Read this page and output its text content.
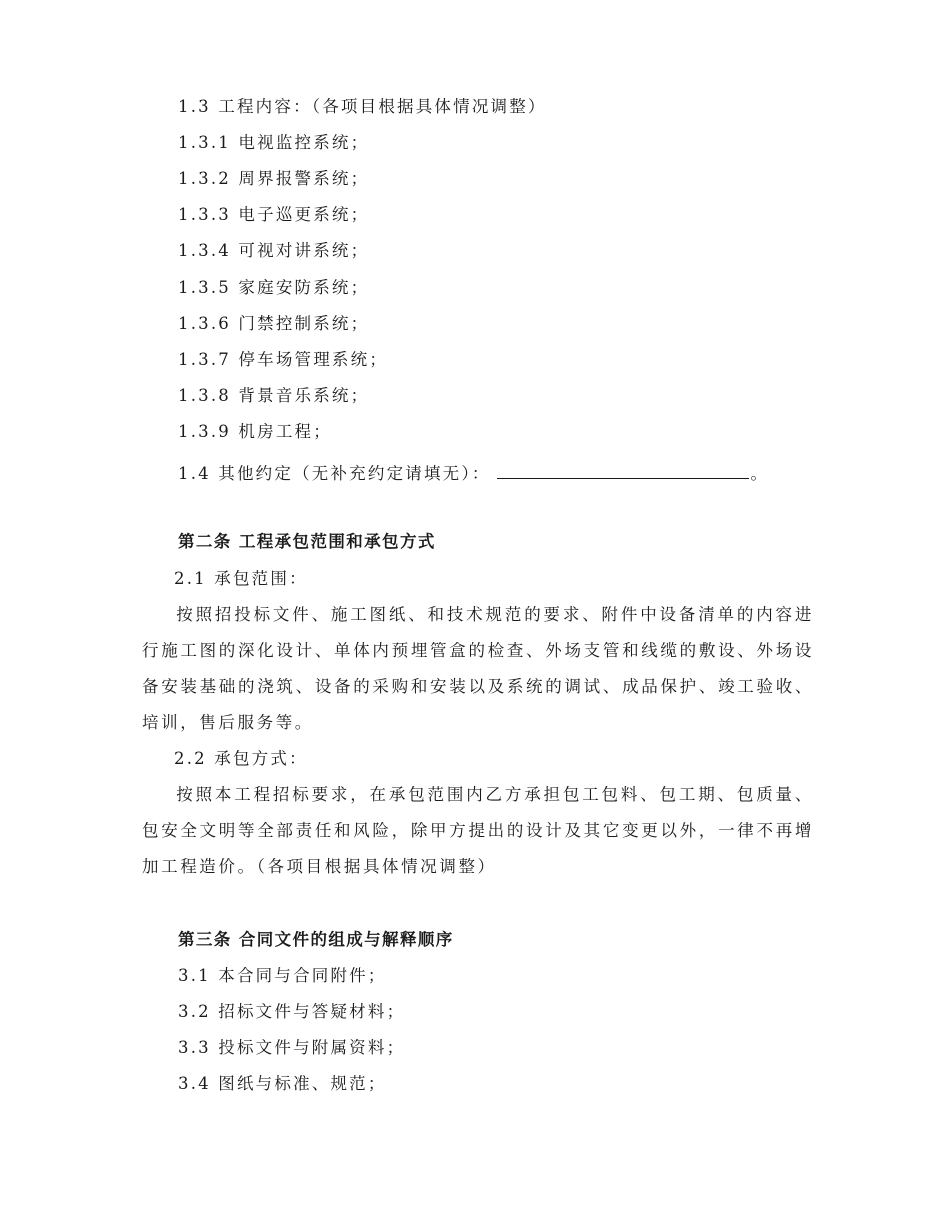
1.3 工程内容：（各项目根据具体情况调整）
1.3.1 电视监控系统；
1.3.2 周界报警系统；
1.3.3 电子巡更系统；
1.3.4 可视对讲系统；
1.3.5 家庭安防系统；
1.3.6 门禁控制系统；
1.3.7 停车场管理系统；
1.3.8 背景音乐系统；
1.3.9 机房工程；
1.4 其他约定（无补充约定请填无）：	。
第二条 工程承包范围和承包方式
2.1 承包范围：
按照招投标文件、施工图纸、和技术规范的要求、附件中设备清单的内容进行施工图的深化设计、单体内预埋管盒的检查、外场支管和线缆的敷设、外场设备安装基础的浇筑、设备的采购和安装以及系统的调试、成品保护、竣工验收、培训，售后服务等。
2.2 承包方式：
按照本工程招标要求，在承包范围内乙方承担包工包料、包工期、包质量、包安全文明等全部责任和风险，除甲方提出的设计及其它变更以外，一律不再增加工程造价。（各项目根据具体情况调整）
第三条 合同文件的组成与解释顺序
3.1 本合同与合同附件；
3.2 招标文件与答疑材料；
3.3 投标文件与附属资料；
3.4 图纸与标准、规范；
